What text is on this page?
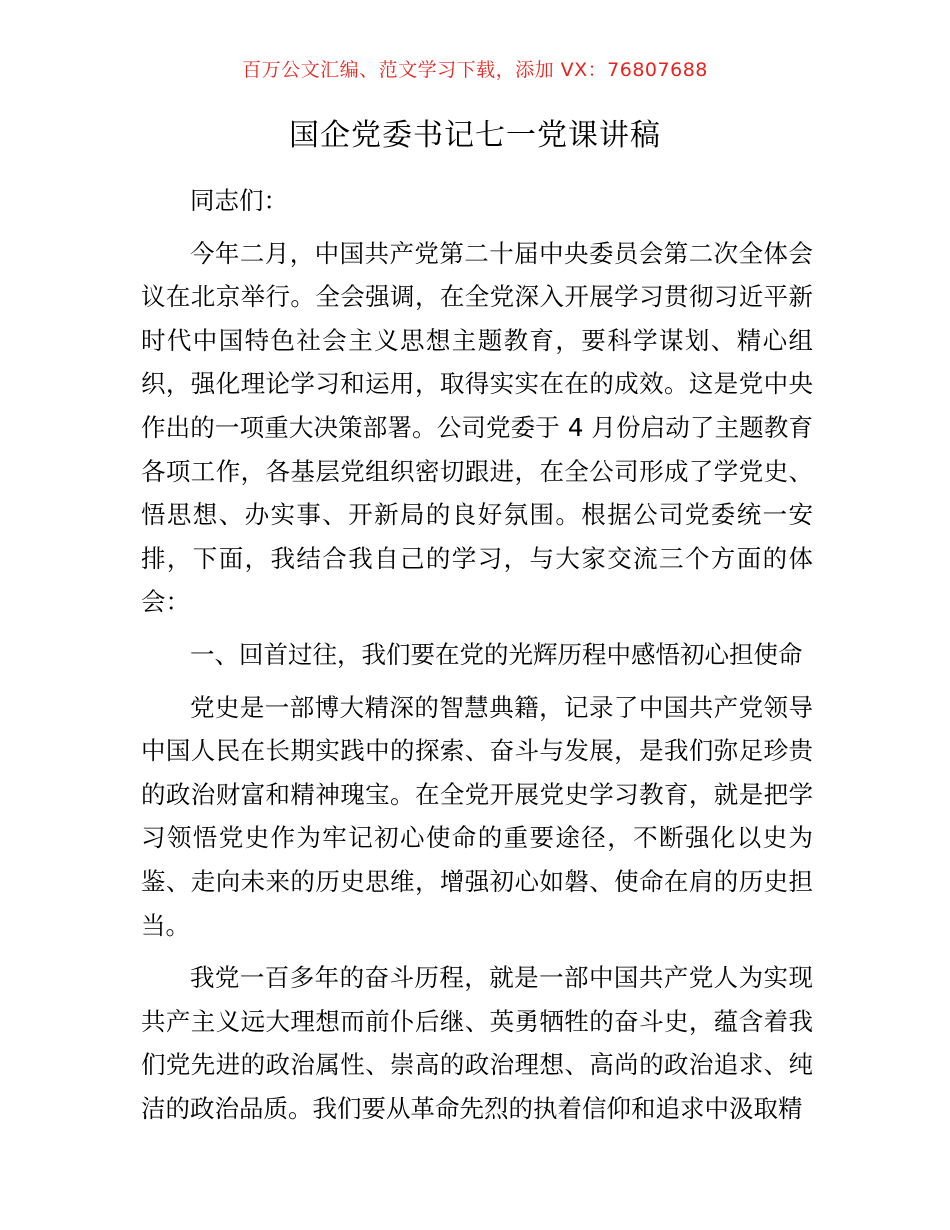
百万公文汇编、范文学习下载，添加 VX：76807688
国企党委书记七一党课讲稿

同志们：

今年二月，中国共产党第二十届中央委员会第二次全体会议在北京举行。全会强调，在全党深入开展学习贯彻习近平新时代中国特色社会主义思想主题教育，要科学谋划、精心组织，强化理论学习和运用，取得实实在在的成效。这是党中央作出的一项重大决策部署。公司党委于 4 月份启动了主题教育各项工作，各基层党组织密切跟进，在全公司形成了学党史、悟思想、办实事、开新局的良好氛围。根据公司党委统一安排，下面，我结合我自己的学习，与大家交流三个方面的体会：

一、回首过往，我们要在党的光辉历程中感悟初心担使命

党史是一部博大精深的智慧典籍，记录了中国共产党领导中国人民在长期实践中的探索、奋斗与发展，是我们弥足珍贵的政治财富和精神瑰宝。在全党开展党史学习教育，就是把学习领悟党史作为牢记初心使命的重要途径，不断强化以史为鉴、走向未来的历史思维，增强初心如磐、使命在肩的历史担当。

我党一百多年的奋斗历程，就是一部中国共产党人为实现共产主义远大理想而前仆后继、英勇牺牲的奋斗史，蕴含着我们党先进的政治属性、崇高的政治理想、高尚的政治追求、纯洁的政治品质。我们要从革命先烈的执着信仰和追求中汲取精
